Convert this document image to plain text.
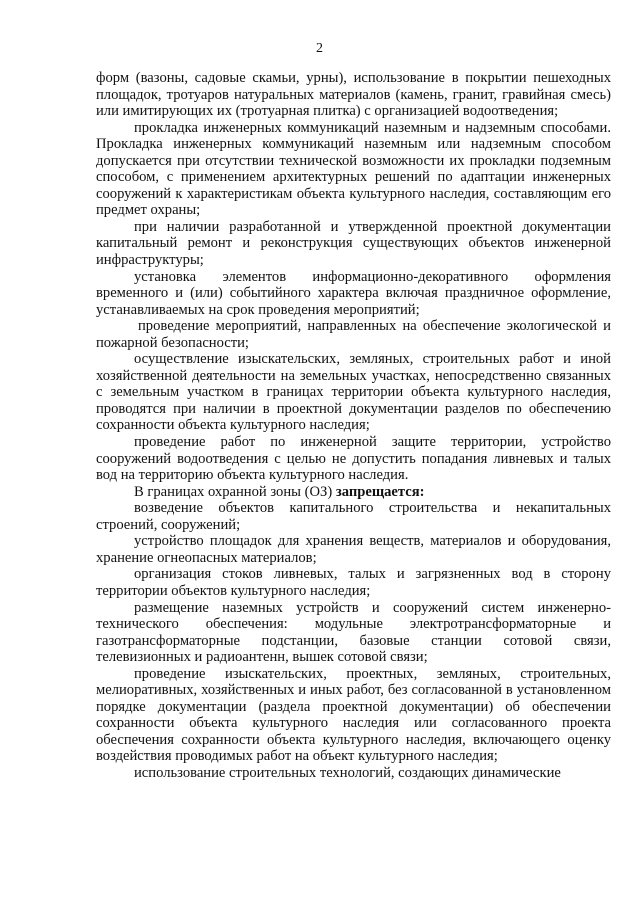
2

форм (вазоны, садовые скамьи, урны), использование в покрытии пешеходных площадок, тротуаров натуральных материалов (камень, гранит, гравийная смесь) или имитирующих их (тротуарная плитка) с организацией водоотведения;

прокладка инженерных коммуникаций наземным и надземным способами. Прокладка инженерных коммуникаций наземным или надземным способом допускается при отсутствии технической возможности их прокладки подземным способом, с применением архитектурных решений по адаптации инженерных сооружений к характеристикам объекта культурного наследия, составляющим его предмет охраны;

при наличии разработанной и утвержденной проектной документации капитальный ремонт и реконструкция существующих объектов инженерной инфраструктуры;

установка элементов информационно-декоративного оформления временного и (или) событийного характера включая праздничное оформление, устанавливаемых на срок проведения мероприятий;

проведение мероприятий, направленных на обеспечение экологической и пожарной безопасности;

осуществление изыскательских, земляных, строительных работ и иной хозяйственной деятельности на земельных участках, непосредственно связанных с земельным участком в границах территории объекта культурного наследия, проводятся при наличии в проектной документации разделов по обеспечению сохранности объекта культурного наследия;

проведение работ по инженерной защите территории, устройство сооружений водоотведения с целью не допустить попадания ливневых и талых вод на территорию объекта культурного наследия.

В границах охранной зоны (ОЗ) запрещается:

возведение объектов капитального строительства и некапитальных строений, сооружений;

устройство площадок для хранения веществ, материалов и оборудования, хранение огнеопасных материалов;

организация стоков ливневых, талых и загрязненных вод в сторону территории объектов культурного наследия;

размещение наземных устройств и сооружений систем инженерно-технического обеспечения: модульные электротрансформаторные и газотрансформаторные подстанции, базовые станции сотовой связи, телевизионных и радиоантенн, вышек сотовой связи;

проведение изыскательских, проектных, земляных, строительных, мелиоративных, хозяйственных и иных работ, без согласованной в установленном порядке документации (раздела проектной документации) об обеспечении сохранности объекта культурного наследия или согласованного проекта обеспечения сохранности объекта культурного наследия, включающего оценку воздействия проводимых работ на объект культурного наследия;

использование строительных технологий, создающих динамические
